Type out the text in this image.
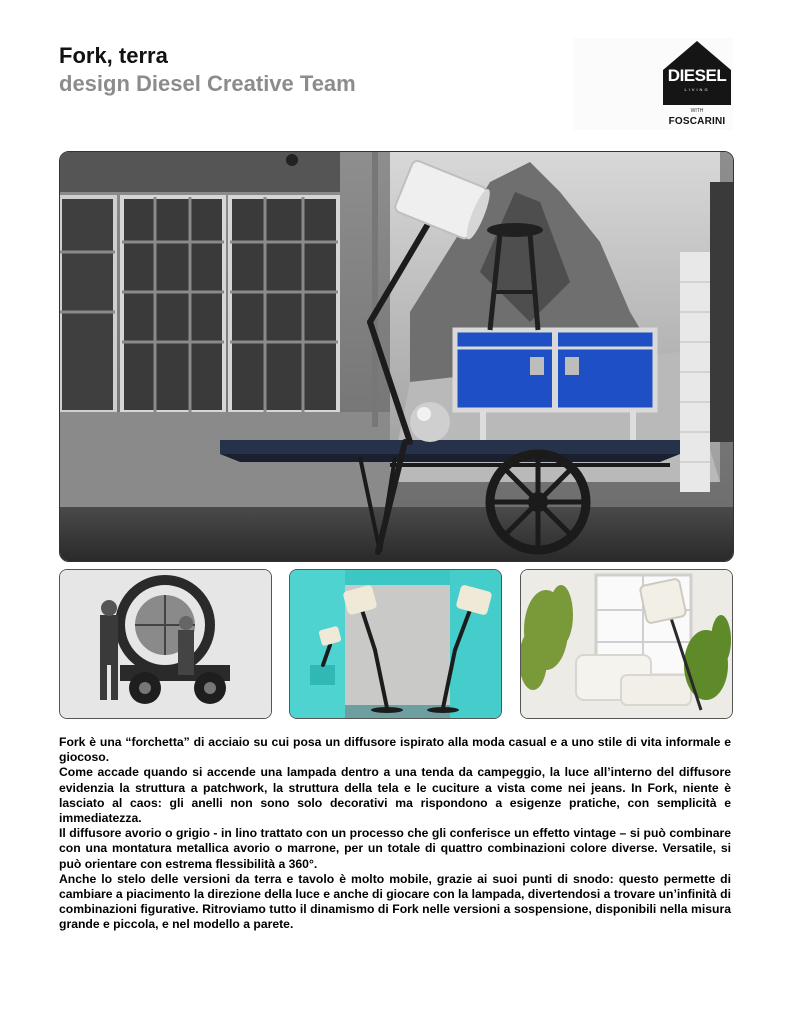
Fork, terra
design Diesel Creative Team	DIESEL
LIVING
WITH
FOSCARINI

Fork è una “forchetta” di acciaio su cui posa un diffusore ispirato alla moda casual e a uno stile di vita informale e giocoso.

Come accade quando si accende una lampada dentro a una tenda da campeggio, la luce all’interno del diffusore evidenzia la struttura a patchwork, la struttura della tela e le cuciture a vista come nei jeans. In Fork, niente è lasciato al caos: gli anelli non sono solo decorativi ma rispondono a esigenze pratiche, con semplicità e immediatezza.

Il diffusore avorio o grigio - in lino trattato con un processo che gli conferisce un effetto vintage – si può combinare con una montatura metallica avorio o marrone, per un totale di quattro combinazioni colore diverse. Versatile, si può orientare con estrema flessibilità a 360°.

Anche lo stelo delle versioni da terra e tavolo è molto mobile, grazie ai suoi punti di snodo: questo permette di cambiare a piacimento la direzione della luce e anche di giocare con la lampada, divertendosi a trovare un’infinità di combinazioni figurative. Ritroviamo tutto il dinamismo di Fork nelle versioni a sospensione, disponibili nella misura grande e piccola, e nel modello a parete.
